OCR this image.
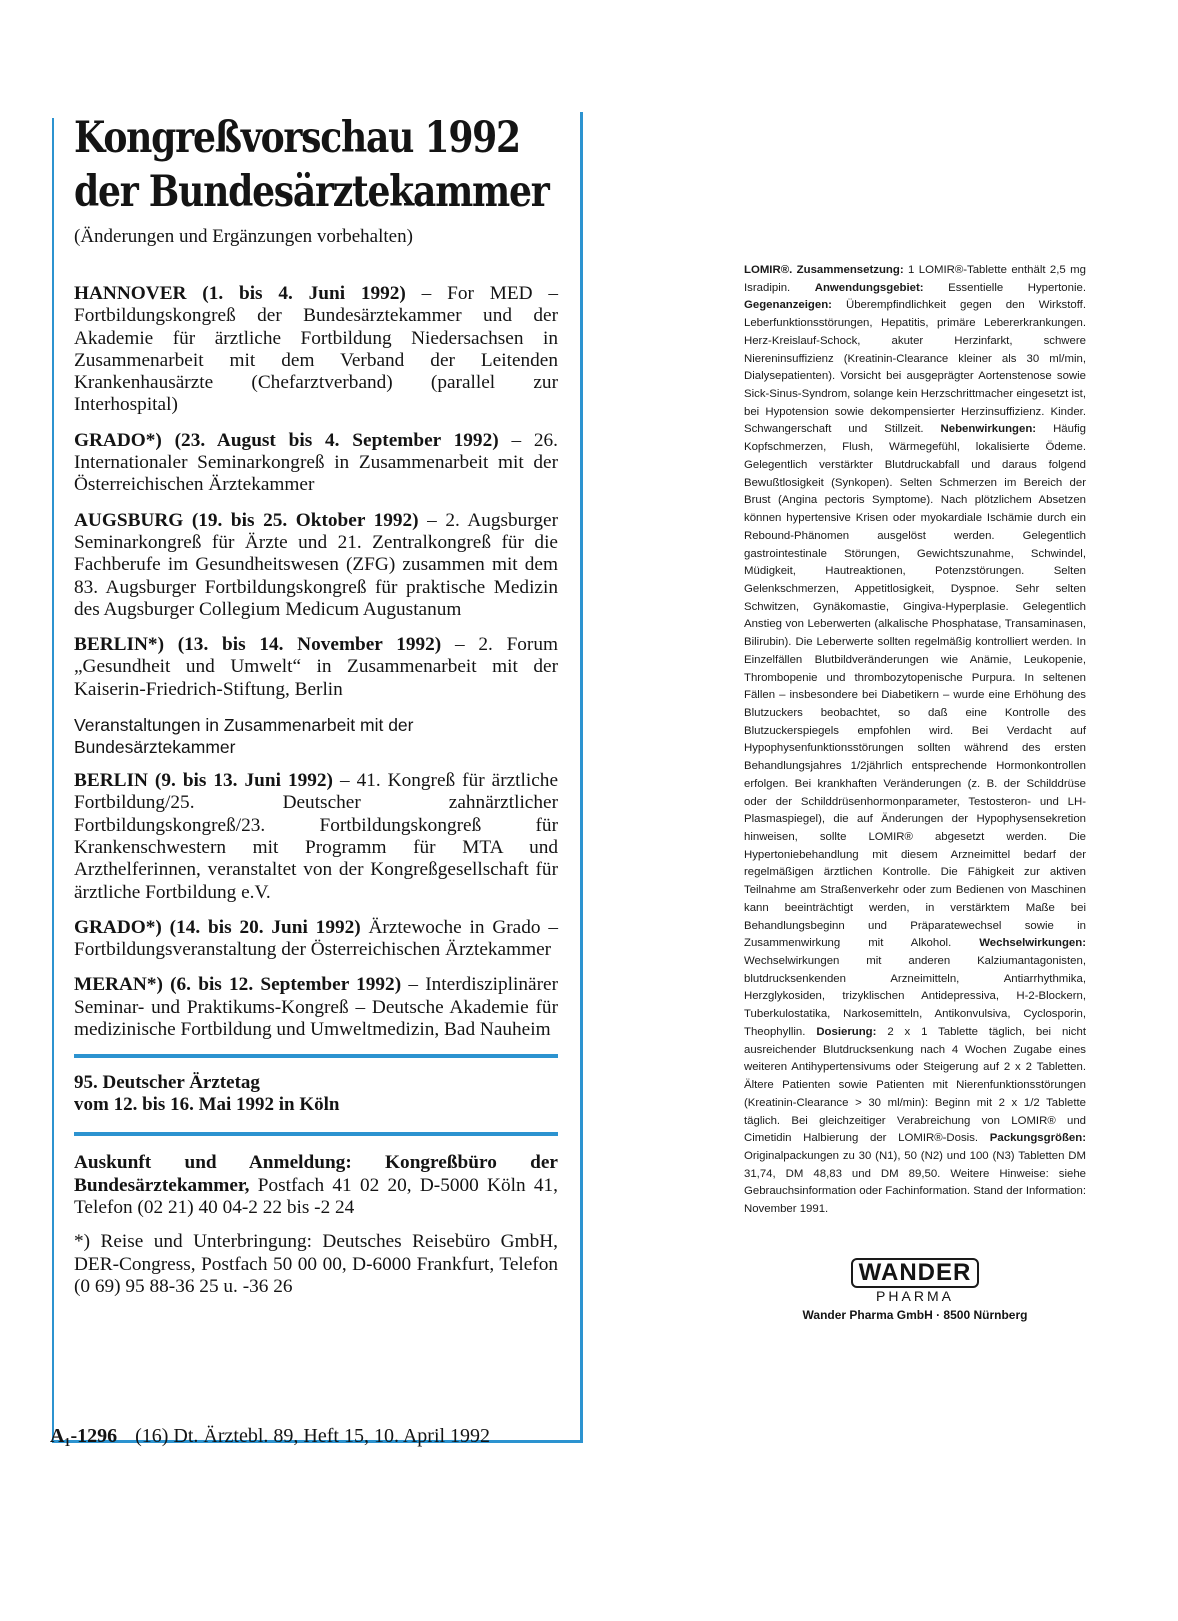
Kongreßvorschau 1992
der Bundesärztekammer
(Änderungen und Ergänzungen vorbehalten)

HANNOVER (1. bis 4. Juni 1992) – For MED – Fortbildungskongreß der Bundesärztekammer und der Akademie für ärztliche Fortbildung Niedersachsen in Zusammenarbeit mit dem Verband der Leitenden Krankenhausärzte (Chefarztverband) (parallel zur Interhospital)

GRADO*) (23. August bis 4. September 1992) – 26. Internationaler Seminarkongreß in Zusammenarbeit mit der Österreichischen Ärztekammer

AUGSBURG (19. bis 25. Oktober 1992) – 2. Augsburger Seminarkongreß für Ärzte und 21. Zentralkongreß für die Fachberufe im Gesundheitswesen (ZFG) zusammen mit dem 83. Augsburger Fortbildungskongreß für praktische Medizin des Augsburger Collegium Medicum Augustanum

BERLIN*) (13. bis 14. November 1992) – 2. Forum „Gesundheit und Umwelt“ in Zusammenarbeit mit der Kaiserin-Friedrich-Stiftung, Berlin

Veranstaltungen in Zusammenarbeit mit der Bundesärztekammer

BERLIN (9. bis 13. Juni 1992) – 41. Kongreß für ärztliche Fortbildung/25. Deutscher zahnärztlicher Fortbildungskongreß/23. Fortbildungskongreß für Krankenschwestern mit Programm für MTA und Arzthelferinnen, veranstaltet von der Kongreßgesellschaft für ärztliche Fortbildung e.V.

GRADO*) (14. bis 20. Juni 1992) Ärztewoche in Grado – Fortbildungsveranstaltung der Österreichischen Ärztekammer

MERAN*) (6. bis 12. September 1992) – Interdisziplinärer Seminar- und Praktikums-Kongreß – Deutsche Akademie für medizinische Fortbildung und Umweltmedizin, Bad Nauheim

95. Deutscher Ärztetag
vom 12. bis 16. Mai 1992 in Köln

Auskunft und Anmeldung: Kongreßbüro der Bundesärztekammer, Postfach 41 02 20, D-5000 Köln 41, Telefon (02 21) 40 04-2 22 bis -2 24

*) Reise und Unterbringung: Deutsches Reisebüro GmbH, DER-Congress, Postfach 50 00 00, D-6000 Frankfurt, Telefon (0 69) 95 88-36 25 u. -36 26

A₁-1296 (16) Dt. Ärztebl. 89, Heft 15, 10. April 1992
LOMIR®. Zusammensetzung: 1 LOMIR®-Tablette enthält 2,5 mg Isradipin. Anwendungsgebiet: Essentielle Hypertonie. Gegenanzeigen: Überempfindlichkeit gegen den Wirkstoff. Leberfunktionsstörungen, Hepatitis, primäre Lebererkrankungen. Herz-Kreislauf-Schock, akuter Herzinfarkt, schwere Niereninsuffizienz (Kreatinin-Clearance kleiner als 30 ml/min, Dialysepatienten). Vorsicht bei ausgeprägter Aortenstenose sowie Sick-Sinus-Syndrom, solange kein Herzschrittmacher eingesetzt ist, bei Hypotension sowie dekompensierter Herzinsuffizienz. Kinder. Schwangerschaft und Stillzeit. Nebenwirkungen: Häufig Kopfschmerzen, Flush, Wärmegefühl, lokalisierte Ödeme. Gelegentlich verstärkter Blutdruckabfall und daraus folgend Bewußtlosigkeit (Synkopen). Selten Schmerzen im Bereich der Brust (Angina pectoris Symptome). Nach plötzlichem Absetzen können hypertensive Krisen oder myokardiale Ischämie durch ein Rebound-Phänomen ausgelöst werden. Gelegentlich gastrointestinale Störungen, Gewichtszunahme, Schwindel, Müdigkeit, Hautreaktionen, Potenzstörungen. Selten Gelenkschmerzen, Appetitlosigkeit, Dyspnoe. Sehr selten Schwitzen, Gynäkomastie, Gingiva-Hyperplasie. Gelegentlich Anstieg von Leberwerten (alkalische Phosphatase, Transaminasen, Bilirubin). Die Leberwerte sollten regelmäßig kontrolliert werden. In Einzelfällen Blutbildveränderungen wie Anämie, Leukopenie, Thrombopenie und thrombozytopenische Purpura. In seltenen Fällen – insbesondere bei Diabetikern – wurde eine Erhöhung des Blutzuckers beobachtet, so daß eine Kontrolle des Blutzuckerspiegels empfohlen wird. Bei Verdacht auf Hypophysenfunktionsstörungen sollten während des ersten Behandlungsjahres 1/2jährlich entsprechende Hormonkontrollen erfolgen. Bei krankhaften Veränderungen (z. B. der Schilddrüse oder der Schilddrüsenhormonparameter, Testosteron- und LH-Plasmaspiegel), die auf Änderungen der Hypophysensekretion hinweisen, sollte LOMIR® abgesetzt werden. Die Hypertoniebehandlung mit diesem Arzneimittel bedarf der regelmäßigen ärztlichen Kontrolle. Die Fähigkeit zur aktiven Teilnahme am Straßenverkehr oder zum Bedienen von Maschinen kann beeinträchtigt werden, in verstärktem Maße bei Behandlungsbeginn und Präparatewechsel sowie in Zusammenwirkung mit Alkohol. Wechselwirkungen: Wechselwirkungen mit anderen Kalziumantagonisten, blutdrucksenkenden Arzneimitteln, Antiarrhythmika, Herzglykosiden, trizyklischen Antidepressiva, H-2-Blockern, Tuberkulostatika, Narkosemitteln, Antikonvulsiva, Cyclosporin, Theophyllin. Dosierung: 2 x 1 Tablette täglich, bei nicht ausreichender Blutdrucksenkung nach 4 Wochen Zugabe eines weiteren Antihypertensivums oder Steigerung auf 2 x 2 Tabletten. Ältere Patienten sowie Patienten mit Nierenfunktionsstörungen (Kreatinin-Clearance > 30 ml/min): Beginn mit 2 x 1/2 Tablette täglich. Bei gleichzeitiger Verabreichung von LOMIR® und Cimetidin Halbierung der LOMIR®-Dosis. Packungsgrößen: Originalpackungen zu 30 (N1), 50 (N2) und 100 (N3) Tabletten DM 31,74, DM 48,83 und DM 89,50. Weitere Hinweise: siehe Gebrauchsinformation oder Fachinformation. Stand der Information: November 1991.
WANDER
PHARMA
Wander Pharma GmbH · 8500 Nürnberg
